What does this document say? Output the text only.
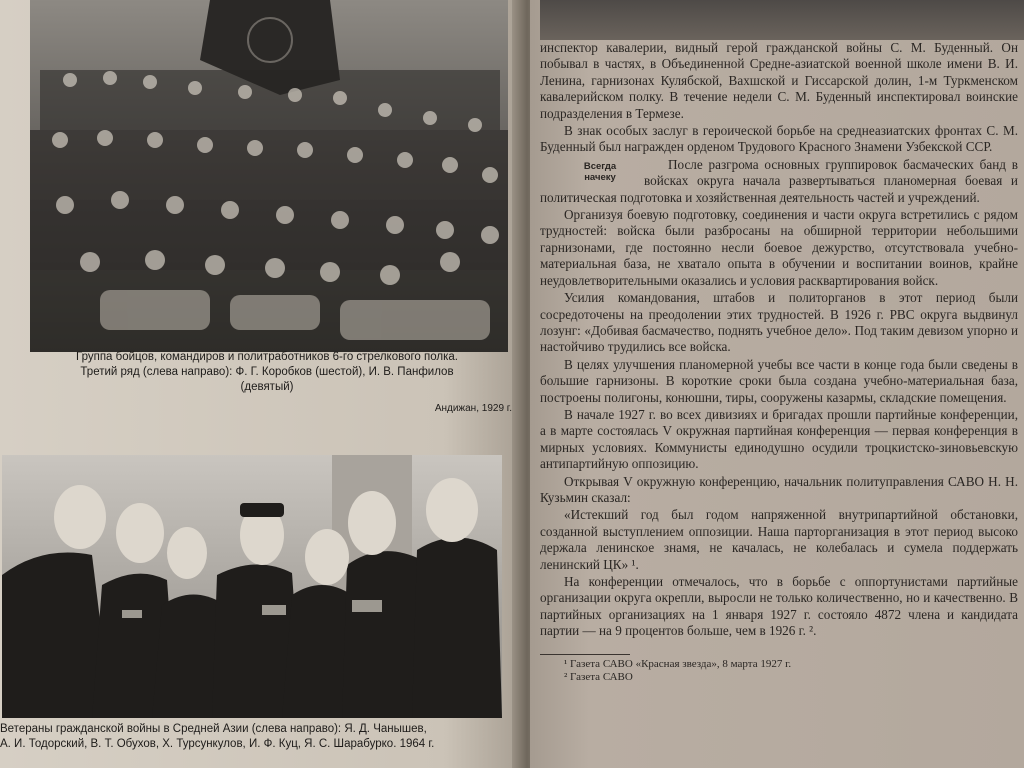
Группа бойцов, командиров и политработников 6-го стрелкового полка.
Третий ряд (слева направо): Ф. Г. Коробков (шестой), И. В. Панфилов
(девятый)
Андижан, 1929 г.
Ветераны гражданской войны в Средней Азии (слева направо): Я. Д. Чанышев,
А. И. Тодорский, В. Т. Обухов, Х. Турсункулов, И. Ф. Куц, Я. С. Шарабурко. 1964 г.

инспектор кавалерии, видный герой гражданской войны С. М. Буденный. Он побывал в частях, в Объединенной Средне-азиатской военной школе имени В. И. Ленина, гарнизонах Кулябской, Вахшской и Гиссарской долин, 1-м Туркменском кавалерийском полку. В течение недели С. М. Буденный инспектировал воинские подразделения в Термезе.

В знак особых заслуг в героической борьбе на среднеазиатских фронтах С. М. Буденный был награжден орденом Трудового Красного Знамени Узбекской ССР.

Всегда начеку

После разгрома основных группировок басмаческих банд в войсках округа начала развертываться планомерная боевая и политическая подготовка и хозяйственная деятельность частей и учреждений.

Организуя боевую подготовку, соединения и части округа встретились с рядом трудностей: войска были разбросаны на обширной территории небольшими гарнизонами, где постоянно несли боевое дежурство, отсутствовала учебно-материальная база, не хватало опыта в обучении и воспитании воинов, крайне неудовлетворительными оказались и условия расквартирования войск.

Усилия командования, штабов и политорганов в этот период были сосредоточены на преодолении этих трудностей. В 1926 г. РВС округа выдвинул лозунг: «Добивая басмачество, поднять учебное дело». Под таким девизом упорно и настойчиво трудились все войска.

В целях улучшения планомерной учебы все части в конце года были сведены в большие гарнизоны. В короткие сроки была создана учебно-материальная база, построены полигоны, конюшни, тиры, сооружены казармы, складские помещения.

В начале 1927 г. во всех дивизиях и бригадах прошли партийные конференции, а в марте состоялась V окружная партийная конференция — первая конференция в мирных условиях. Коммунисты единодушно осудили троцкистско-зиновьевскую антипартийную оппозицию.

Открывая V окружную конференцию, начальник политуправления САВО Н. Н. Кузьмин сказал:

«Истекший год был годом напряженной внутрипартийной обстановки, созданной выступлением оппозиции. Наша парторганизация в этот период высоко держала ленинское знамя, не качалась, не колебалась и сумела поддержать ленинский ЦК» ¹.

На конференции отмечалось, что в борьбе с оппортунистами партийные организации округа окрепли, выросли не только количественно, но и качественно. В партийных организациях на 1 января 1927 г. состояло 4872 члена и кандидата партии — на 9 процентов больше, чем в 1926 г. ².

¹ Газета САВО «Красная звезда», 8 марта 1927 г.
² Газета САВО
